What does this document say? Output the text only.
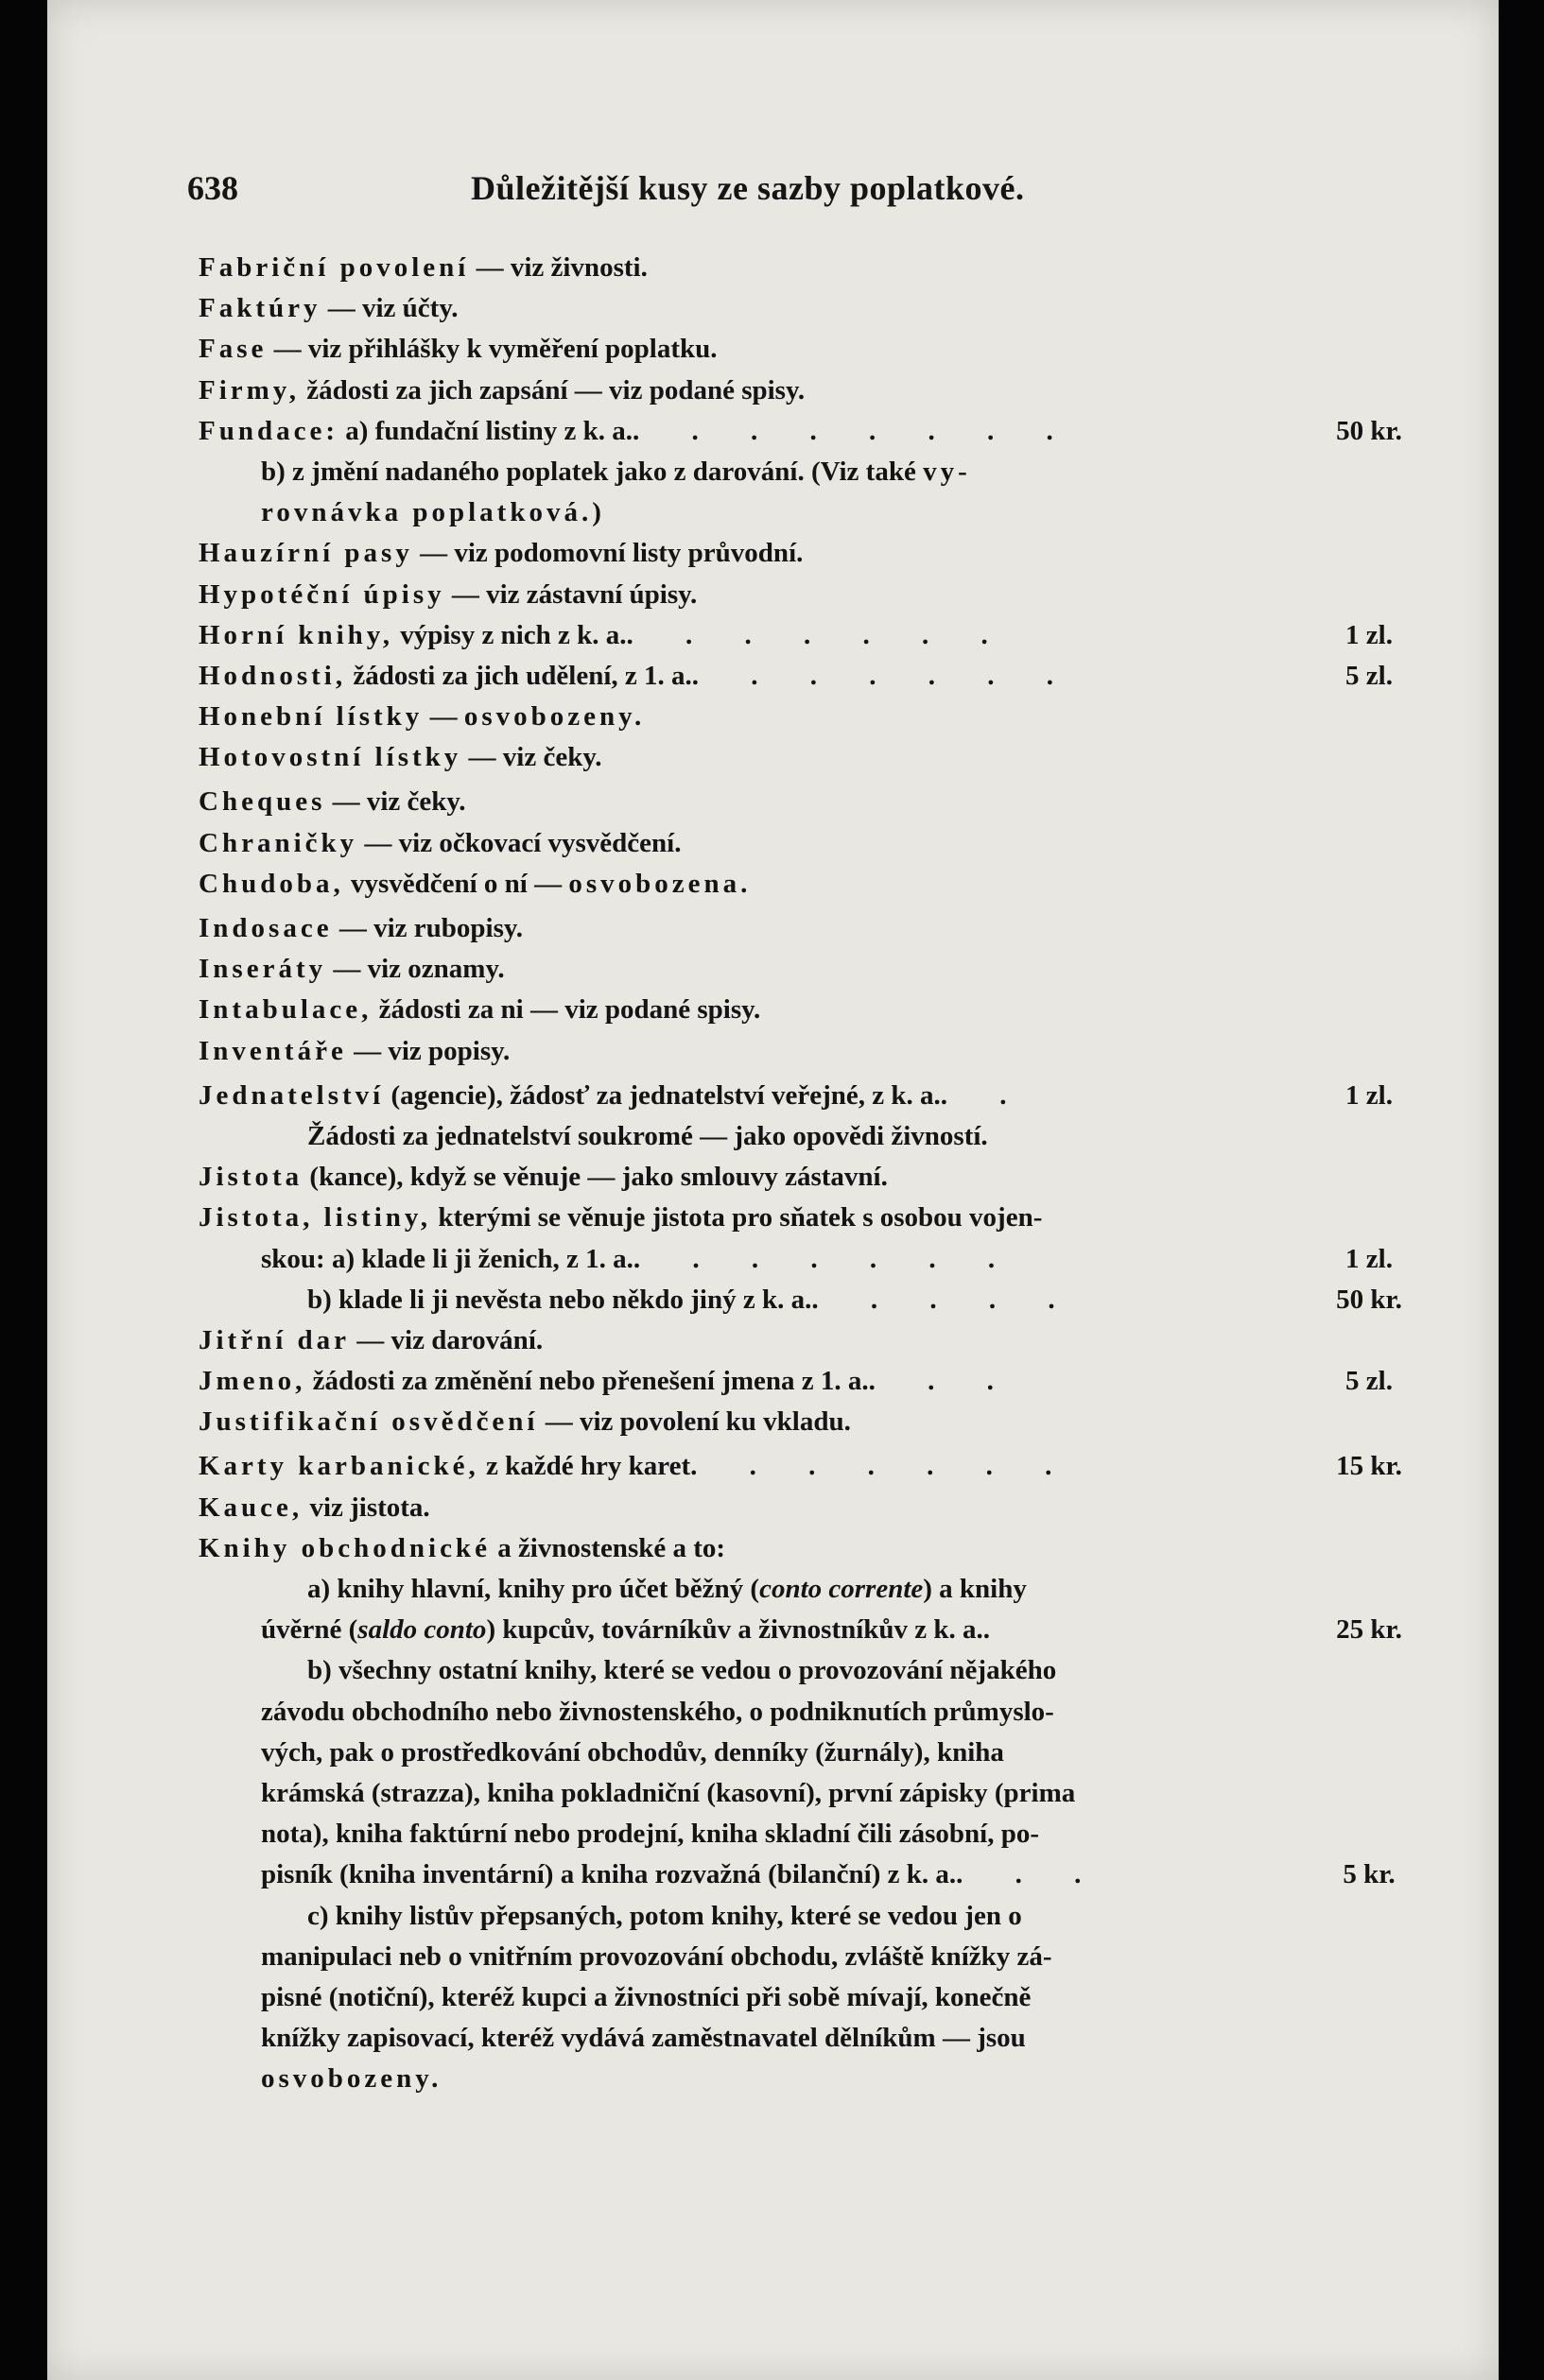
638	Důležitější kusy ze sazby poplatkové.
Fabriční povolení — viz živnosti.
Faktúry — viz účty.
Fase — viz přihlášky k vyměření poplatku.
Firmy, žádosti za jich zapsání — viz podané spisy.
Fundace: a) fundační listiny z k. a.. . . . . . . .	50 kr.
b) z jmění nadaného poplatek jako z darování. (Viz také vy-
rovnávka poplatková.)
Hauzírní pasy — viz podomovní listy průvodní.
Hypotéční úpisy — viz zástavní úpisy.
Horní knihy, výpisy z nich z k. a.. . . . . . .	1 zl.
Hodnosti, žádosti za jich udělení, z 1. a.. . . . . . .	5 zl.
Honební lístky — osvobozeny.
Hotovostní lístky — viz čeky.
Cheques — viz čeky.
Chraničky — viz očkovací vysvědčení.
Chudoba, vysvědčení o ní — osvobozena.
Indosace — viz rubopisy.
Inseráty — viz oznamy.
Intabulace, žádosti za ni — viz podané spisy.
Inventáře — viz popisy.
Jednatelství (agencie), žádosť za jednatelství veřejné, z k. a.. .	1 zl.
Žádosti za jednatelství soukromé — jako opovědi živností.
Jistota (kance), když se věnuje — jako smlouvy zástavní.
Jistota, listiny, kterými se věnuje jistota pro sňatek s osobou vojen-
skou: a) klade li ji ženich, z 1. a.. . . . . . .	1 zl.
b) klade li ji nevěsta nebo někdo jiný z k. a.. . . . .	50 kr.
Jitřní dar — viz darování.
Jmeno, žádosti za změnění nebo přenešení jmena z 1. a.. . .	5 zl.
Justifikační osvědčení — viz povolení ku vkladu.
Karty karbanické, z každé hry karet. . . . . . .	15 kr.
Kauce, viz jistota.
Knihy obchodnické a živnostenské a to:
a) knihy hlavní, knihy pro účet běžný (conto corrente) a knihy
úvěrné (saldo conto) kupcův, továrníkův a živnostníkův z k. a..	25 kr.
b) všechny ostatní knihy, které se vedou o provozování nějakého
závodu obchodního nebo živnostenského, o podniknutích průmyslo-
vých, pak o prostředkování obchodův, denníky (žurnály), kniha
krámská (strazza), kniha pokladniční (kasovní), první zápisky (prima
nota), kniha faktúrní nebo prodejní, kniha skladní čili zásobní, po-
pisník (kniha inventární) a kniha rozvažná (bilanční) z k. a.. . .	5 kr.
c) knihy listův přepsaných, potom knihy, které se vedou jen o
manipulaci neb o vnitřním provozování obchodu, zvláště knížky zá-
pisné (notiční), kteréž kupci a živnostníci při sobě mívají, konečně
knížky zapisovací, kteréž vydává zaměstnavatel dělníkům — jsou
osvobozeny.
